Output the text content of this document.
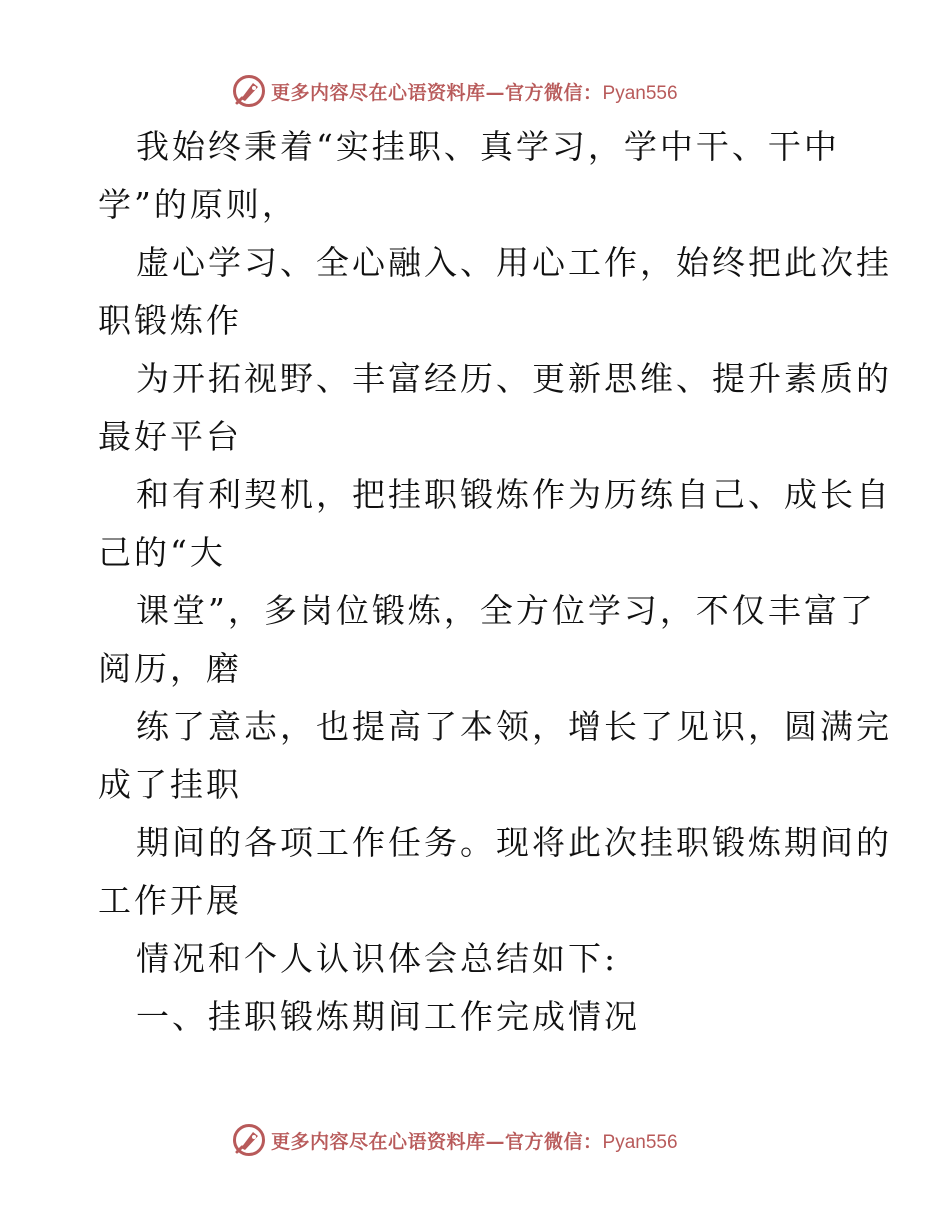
更多内容尽在心语资料库—官方微信：Pyan556

我始终秉着“实挂职、真学习，学中干、干中

学”的原则，

虚心学习、全心融入、用心工作，始终把此次挂

职锻炼作

为开拓视野、丰富经历、更新思维、提升素质的

最好平台

和有利契机，把挂职锻炼作为历练自己、成长自

己的“大

课堂”，多岗位锻炼，全方位学习，不仅丰富了

阅历，磨

练了意志，也提高了本领，增长了见识，圆满完

成了挂职

期间的各项工作任务。现将此次挂职锻炼期间的

工作开展

情况和个人认识体会总结如下:

一、挂职锻炼期间工作完成情况

更多内容尽在心语资料库—官方微信：Pyan556
